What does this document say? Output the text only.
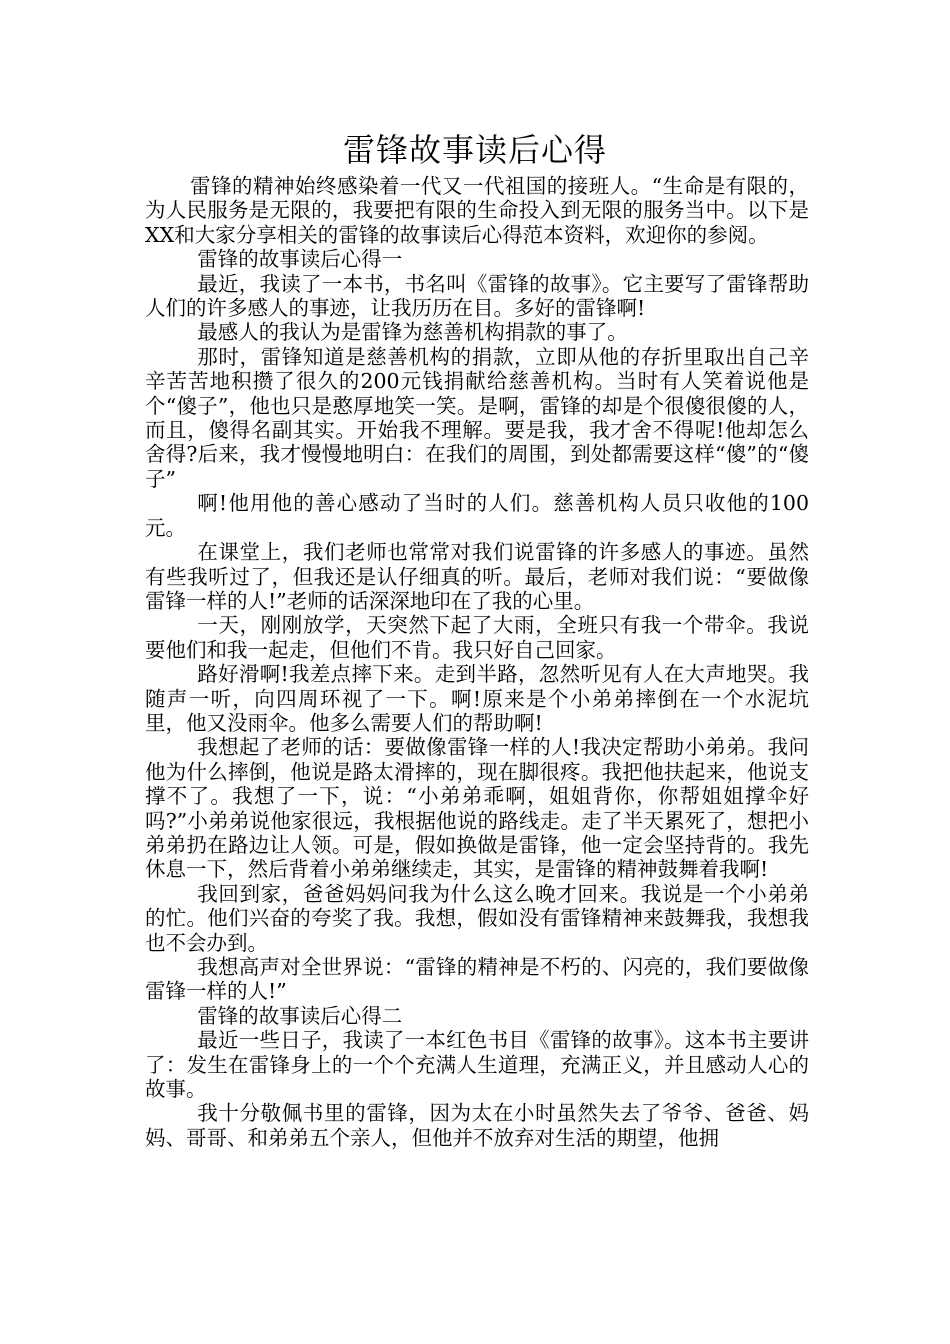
雷锋故事读后心得

雷锋的精神始终感染着一代又一代祖国的接班人。“生命是有限的，为人民服务是无限的，我要把有限的生命投入到无限的服务当中。以下是XX和大家分享相关的雷锋的故事读后心得范本资料，欢迎你的参阅。

雷锋的故事读后心得一

最近，我读了一本书，书名叫《雷锋的故事》。它主要写了雷锋帮助人们的许多感人的事迹，让我历历在目。多好的雷锋啊!

最感人的我认为是雷锋为慈善机构捐款的事了。

那时，雷锋知道是慈善机构的捐款，立即从他的存折里取出自己辛辛苦苦地积攒了很久的200元钱捐献给慈善机构。当时有人笑着说他是个“傻子”，他也只是憨厚地笑一笑。是啊，雷锋的却是个很傻很傻的人，而且，傻得名副其实。开始我不理解。要是我，我才舍不得呢!他却怎么舍得?后来，我才慢慢地明白：在我们的周围，到处都需要这样“傻”的“傻子”

啊!他用他的善心感动了当时的人们。慈善机构人员只收他的100元。

在课堂上，我们老师也常常对我们说雷锋的许多感人的事迹。虽然有些我听过了，但我还是认仔细真的听。最后，老师对我们说：“要做像雷锋一样的人!”老师的话深深地印在了我的心里。

一天，刚刚放学，天突然下起了大雨，全班只有我一个带伞。我说要他们和我一起走，但他们不肯。我只好自己回家。

路好滑啊!我差点摔下来。走到半路，忽然听见有人在大声地哭。我随声一听，向四周环视了一下。啊!原来是个小弟弟摔倒在一个水泥坑里，他又没雨伞。他多么需要人们的帮助啊!

我想起了老师的话：要做像雷锋一样的人!我决定帮助小弟弟。我问他为什么摔倒，他说是路太滑摔的，现在脚很疼。我把他扶起来，他说支撑不了。我想了一下，说：“小弟弟乖啊，姐姐背你，你帮姐姐撑伞好吗?”小弟弟说他家很远，我根据他说的路线走。走了半天累死了，想把小弟弟扔在路边让人领。可是，假如换做是雷锋，他一定会坚持背的。我先休息一下，然后背着小弟弟继续走，其实，是雷锋的精神鼓舞着我啊!

我回到家，爸爸妈妈问我为什么这么晚才回来。我说是一个小弟弟的忙。他们兴奋的夸奖了我。我想，假如没有雷锋精神来鼓舞我，我想我也不会办到。

我想高声对全世界说：“雷锋的精神是不朽的、闪亮的，我们要做像雷锋一样的人!”

雷锋的故事读后心得二

最近一些日子，我读了一本红色书目《雷锋的故事》。这本书主要讲了：发生在雷锋身上的一个个充满人生道理，充满正义，并且感动人心的故事。

我十分敬佩书里的雷锋，因为太在小时虽然失去了爷爷、爸爸、妈妈、哥哥、和弟弟五个亲人，但他并不放弃对生活的期望，他拥
